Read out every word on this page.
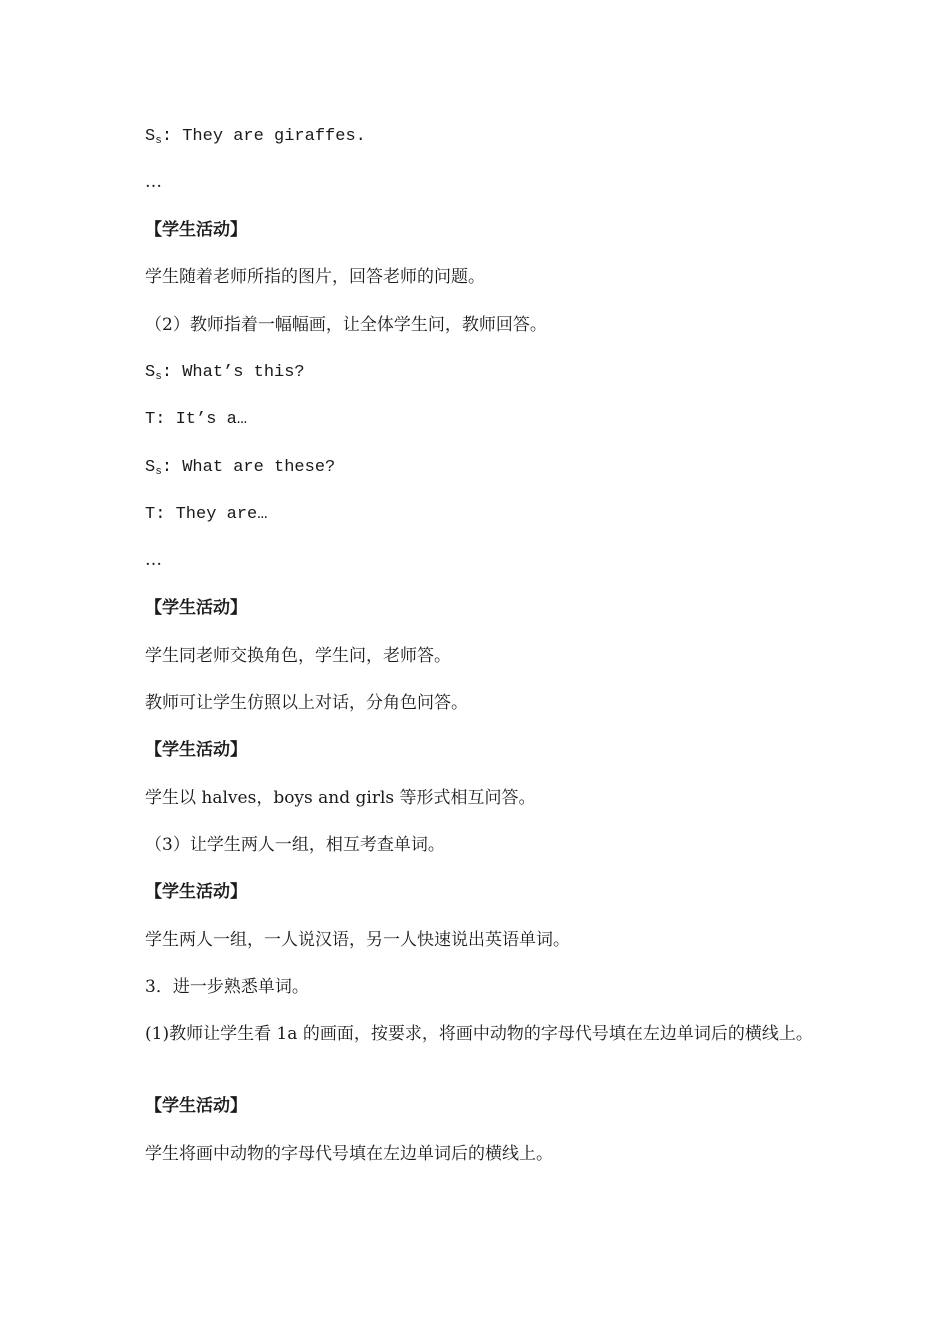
$S_s$: They are giraffes.
…
【学生活动】
学生随着老师所指的图片，回答老师的问题。
（2）教师指着一幅幅画，让全体学生问，教师回答。
$S_s$: What’s this?
T: It’s a…
$S_s$: What are these?
T: They are…
…
【学生活动】
学生同老师交换角色，学生问，老师答。
教师可让学生仿照以上对话，分角色问答。
【学生活动】
学生以 halves，boys and girls 等形式相互问答。
（3）让学生两人一组，相互考查单词。
【学生活动】
学生两人一组，一人说汉语，另一人快速说出英语单词。
3．进一步熟悉单词。
(1)教师让学生看 1a 的画面，按要求，将画中动物的字母代号填在左边单词后的横线上。
【学生活动】
学生将画中动物的字母代号填在左边单词后的横线上。
